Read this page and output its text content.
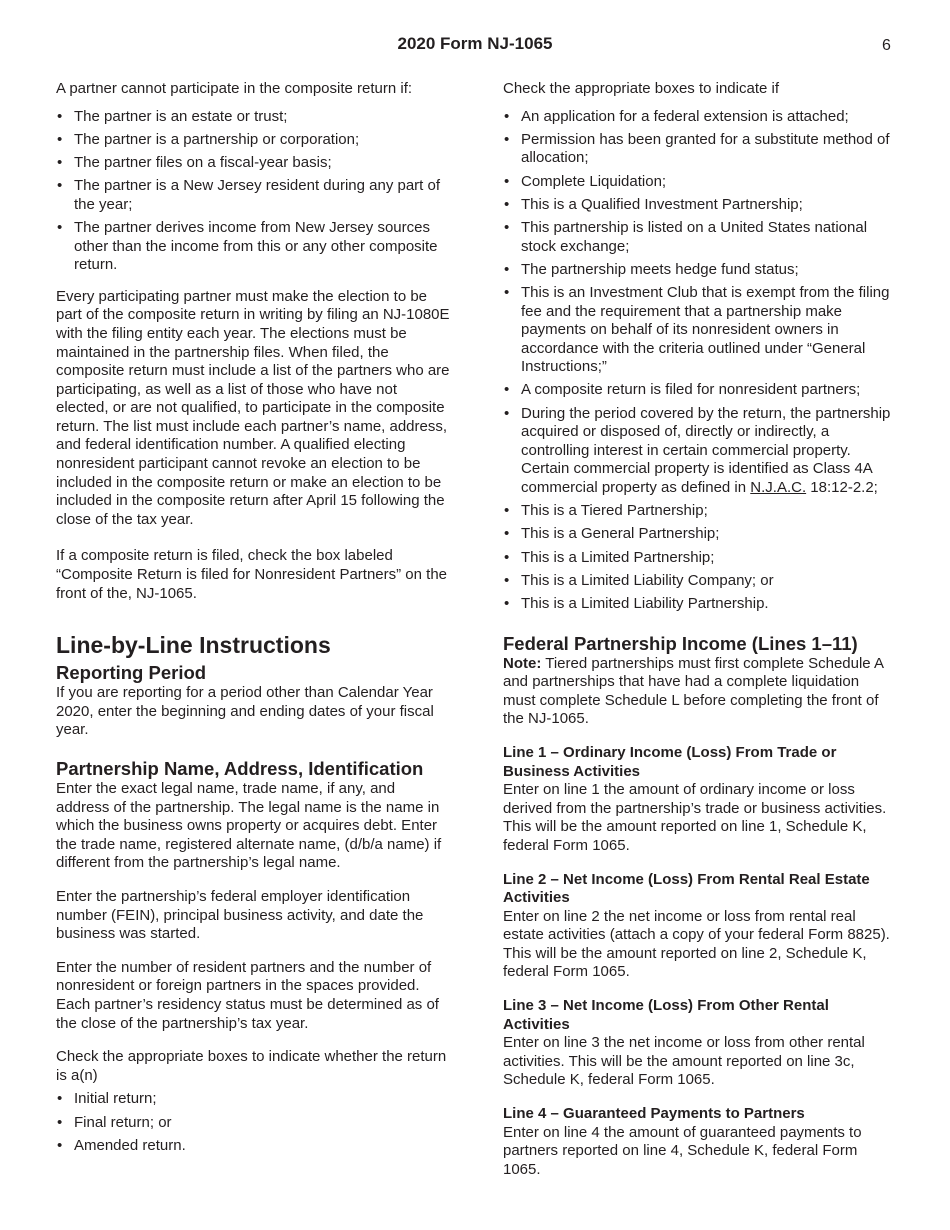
2020 Form NJ-1065	6

A partner cannot participate in the composite return if:

• The partner is an estate or trust;
• The partner is a partnership or corporation;
• The partner files on a fiscal-year basis;
• The partner is a New Jersey resident during any part of the year;
• The partner derives income from New Jersey sources other than the income from this or any other composite return.

Every participating partner must make the election to be part of the composite return in writing by filing an NJ-1080E with the filing entity each year. The elections must be maintained in the partnership files. When filed, the composite return must include a list of the partners who are participating, as well as a list of those who have not elected, or are not qualified, to participate in the composite return. The list must include each partner’s name, address, and federal identification number. A qualified electing nonresident participant cannot revoke an election to be included in the composite return or make an election to be included in the composite return after April 15 following the close of the tax year.

If a composite return is filed, check the box labeled “Composite Return is filed for Nonresident Partners” on the front of the, NJ-1065.

Line-by-Line Instructions
Reporting Period

If you are reporting for a period other than Calendar Year 2020, enter the beginning and ending dates of your fiscal year.

Partnership Name, Address, Identification

Enter the exact legal name, trade name, if any, and address of the partnership. The legal name is the name in which the business owns property or acquires debt. Enter the trade name, registered alternate name, (d/b/a name) if different from the partnership’s legal name.

Enter the partnership’s federal employer identification number (FEIN), principal business activity, and date the business was started.

Enter the number of resident partners and the number of nonresident or foreign partners in the spaces provided. Each partner’s residency status must be determined as of the close of the partnership’s tax year.

Check the appropriate boxes to indicate whether the return is a(n)

• Initial return;
• Final return; or
• Amended return.

Check the appropriate boxes to indicate if

• An application for a federal extension is attached;
• Permission has been granted for a substitute method of allocation;
• Complete Liquidation;
• This is a Qualified Investment Partnership;
• This partnership is listed on a United States national stock exchange;
• The partnership meets hedge fund status;
• This is an Investment Club that is exempt from the filing fee and the requirement that a partnership make payments on behalf of its nonresident owners in accordance with the criteria outlined under “General Instructions;”
• A composite return is filed for nonresident partners;
• During the period covered by the return, the partnership acquired or disposed of, directly or indirectly, a controlling interest in certain commercial property. Certain commercial property is identified as Class 4A commercial property as defined in N.J.A.C. 18:12-2.2;
• This is a Tiered Partnership;
• This is a General Partnership;
• This is a Limited Partnership;
• This is a Limited Liability Company; or
• This is a Limited Liability Partnership.
Federal Partnership Income (Lines 1–11)

Note: Tiered partnerships must first complete Schedule A and partnerships that have had a complete liquidation must complete Schedule L before completing the front of the NJ-1065.

Line 1 – Ordinary Income (Loss) From Trade or Business Activities

Enter on line 1 the amount of ordinary income or loss derived from the partnership’s trade or business activities. This will be the amount reported on line 1, Schedule K, federal Form 1065.

Line 2 – Net Income (Loss) From Rental Real Estate Activities

Enter on line 2 the net income or loss from rental real estate activities (attach a copy of your federal Form 8825). This will be the amount reported on line 2, Schedule K, federal Form 1065.

Line 3 – Net Income (Loss) From Other Rental Activities

Enter on line 3 the net income or loss from other rental activities. This will be the amount reported on line 3c, Schedule K, federal Form 1065.

Line 4 – Guaranteed Payments to Partners

Enter on line 4 the amount of guaranteed payments to partners reported on line 4, Schedule K, federal Form 1065.
